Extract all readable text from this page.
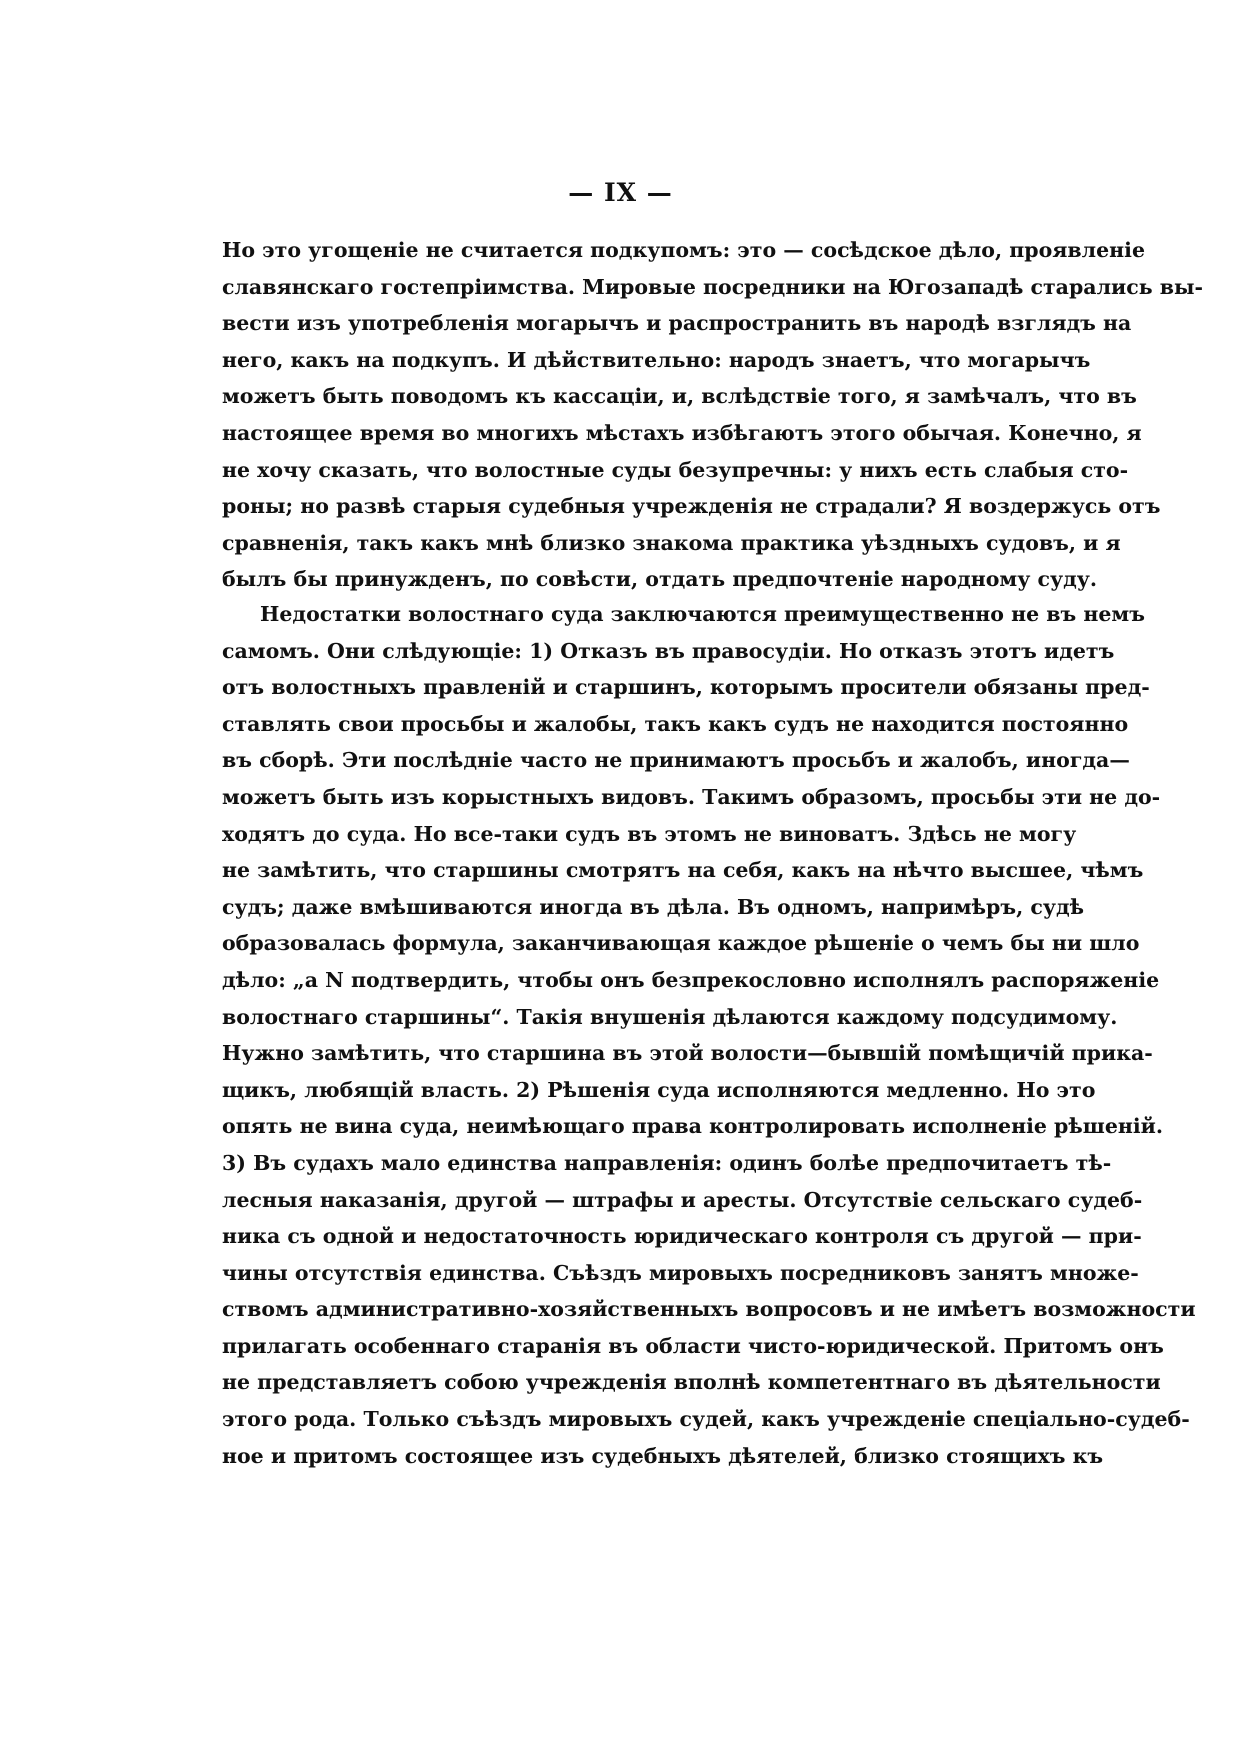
— IX —
Но это угощеніе не считается подкупомъ: это — сосѣдское дѣло, проявленіе
славянскаго гостепріимства. Мировые посредники на Югозападѣ старались вы-
вести изъ употребленія могарычъ и распространить въ народѣ взглядъ на
него, какъ на подкупъ. И дѣйствительно: народъ знаетъ, что могарычъ
можетъ быть поводомъ къ кассаціи, и, вслѣдствіе того, я замѣчалъ, что въ
настоящее время во многихъ мѣстахъ избѣгаютъ этого обычая. Конечно, я
не хочу сказать, что волостные суды безупречны: у нихъ есть слабыя сто-
роны; но развѣ старыя судебныя учрежденія не страдали? Я воздержусь отъ
сравненія, такъ какъ мнѣ близко знакома практика уѣздныхъ судовъ, и я
былъ бы принужденъ, по совѣсти, отдать предпочтеніе народному суду.
Недостатки волостнаго суда заключаются преимущественно не въ немъ
самомъ. Они слѣдующіе: 1) Отказъ въ правосудіи. Но отказъ этотъ идетъ
отъ волостныхъ правленій и старшинъ, которымъ просители обязаны пред-
ставлять свои просьбы и жалобы, такъ какъ судъ не находится постоянно
въ сборѣ. Эти послѣдніе часто не принимаютъ просьбъ и жалобъ, иногда—
можетъ быть изъ корыстныхъ видовъ. Такимъ образомъ, просьбы эти не до-
ходятъ до суда. Но все-таки судъ въ этомъ не виноватъ. Здѣсь не могу
не замѣтить, что старшины смотрятъ на себя, какъ на нѣчто высшее, чѣмъ
судъ; даже вмѣшиваются иногда въ дѣла. Въ одномъ, напримѣръ, судѣ
образовалась формула, заканчивающая каждое рѣшеніе о чемъ бы ни шло
дѣло: „а N подтвердить, чтобы онъ безпрекословно исполнялъ распоряженіе
волостнаго старшины“. Такія внушенія дѣлаются каждому подсудимому.
Нужно замѣтить, что старшина въ этой волости—бывшій помѣщичій прика-
щикъ, любящій власть. 2) Рѣшенія суда исполняются медленно. Но это
опять не вина суда, неимѣющаго права контролировать исполненіе рѣшеній.
3) Въ судахъ мало единства направленія: одинъ болѣе предпочитаетъ тѣ-
лесныя наказанія, другой — штрафы и аресты. Отсутствіе сельскаго судеб-
ника съ одной и недостаточность юридическаго контроля съ другой — при-
чины отсутствія единства. Съѣздъ мировыхъ посредниковъ занятъ множе-
ствомъ административно-хозяйственныхъ вопросовъ и не имѣетъ возможности
прилагать особеннаго старанія въ области чисто-юридической. Притомъ онъ
не представляетъ собою учрежденія вполнѣ компетентнаго въ дѣятельности
этого рода. Только съѣздъ мировыхъ судей, какъ учрежденіе спеціально-судеб-
ное и притомъ состоящее изъ судебныхъ дѣятелей, близко стоящихъ къ
